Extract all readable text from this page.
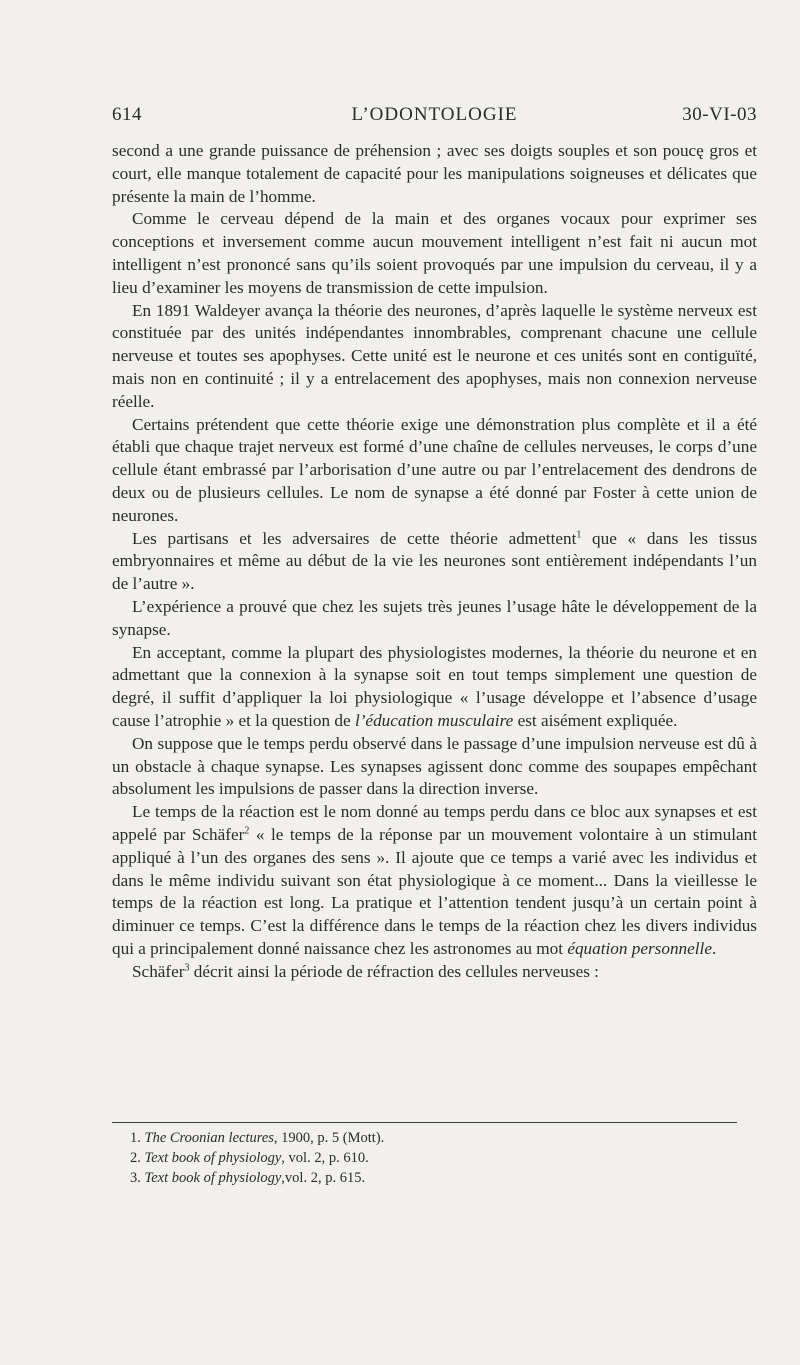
614	L’ODONTOLOGIE	30-VI-03

second a une grande puissance de préhension ; avec ses doigts souples et son poucę gros et court, elle manque totalement de capacité pour les manipulations soigneuses et délicates que présente la main de l’homme.

Comme le cerveau dépend de la main et des organes vocaux pour exprimer ses conceptions et inversement comme aucun mouvement intelligent n’est fait ni aucun mot intelligent n’est prononcé sans qu’ils soient provoqués par une impulsion du cerveau, il y a lieu d’examiner les moyens de transmission de cette impulsion.

En 1891 Waldeyer avança la théorie des neurones, d’après laquelle le système nerveux est constituée par des unités indépendantes innombrables, comprenant chacune une cellule nerveuse et toutes ses apophyses. Cette unité est le neurone et ces unités sont en contiguïté, mais non en continuité ; il y a entrelacement des apophyses, mais non connexion nerveuse réelle.

Certains prétendent que cette théorie exige une démonstration plus complète et il a été établi que chaque trajet nerveux est formé d’une chaîne de cellules nerveuses, le corps d’une cellule étant embrassé par l’arborisation d’une autre ou par l’entrelacement des dendrons de deux ou de plusieurs cellules. Le nom de synapse a été donné par Foster à cette union de neurones.

Les partisans et les adversaires de cette théorie admettent$^1$ que « dans les tissus embryonnaires et même au début de la vie les neurones sont entièrement indépendants l’un de l’autre ».

L’expérience a prouvé que chez les sujets très jeunes l’usage hâte le développement de la synapse.

En acceptant, comme la plupart des physiologistes modernes, la théorie du neurone et en admettant que la connexion à la synapse soit en tout temps simplement une question de degré, il suffit d’appliquer la loi physiologique « l’usage développe et l’absence d’usage cause l’atrophie » et la question de l’éducation musculaire est aisément expliquée.

On suppose que le temps perdu observé dans le passage d’une impulsion nerveuse est dû à un obstacle à chaque synapse. Les synapses agissent donc comme des soupapes empêchant absolument les impulsions de passer dans la direction inverse.

Le temps de la réaction est le nom donné au temps perdu dans ce bloc aux synapses et est appelé par Schäfer$^2$ « le temps de la réponse par un mouvement volontaire à un stimulant appliqué à l’un des organes des sens ». Il ajoute que ce temps a varié avec les individus et dans le même individu suivant son état physiologique à ce moment... Dans la vieillesse le temps de la réaction est long. La pratique et l’attention tendent jusqu’à un certain point à diminuer ce temps. C’est la différence dans le temps de la réaction chez les divers individus qui a principalement donné naissance chez les astronomes au mot équation personnelle.

Schäfer$^3$ décrit ainsi la période de réfraction des cellules nerveuses :

1. The Croonian lectures, 1900, p. 5 (Mott).
2. Text book of physiology, vol. 2, p. 610.
3. Text book of physiology,vol. 2, p. 615.
